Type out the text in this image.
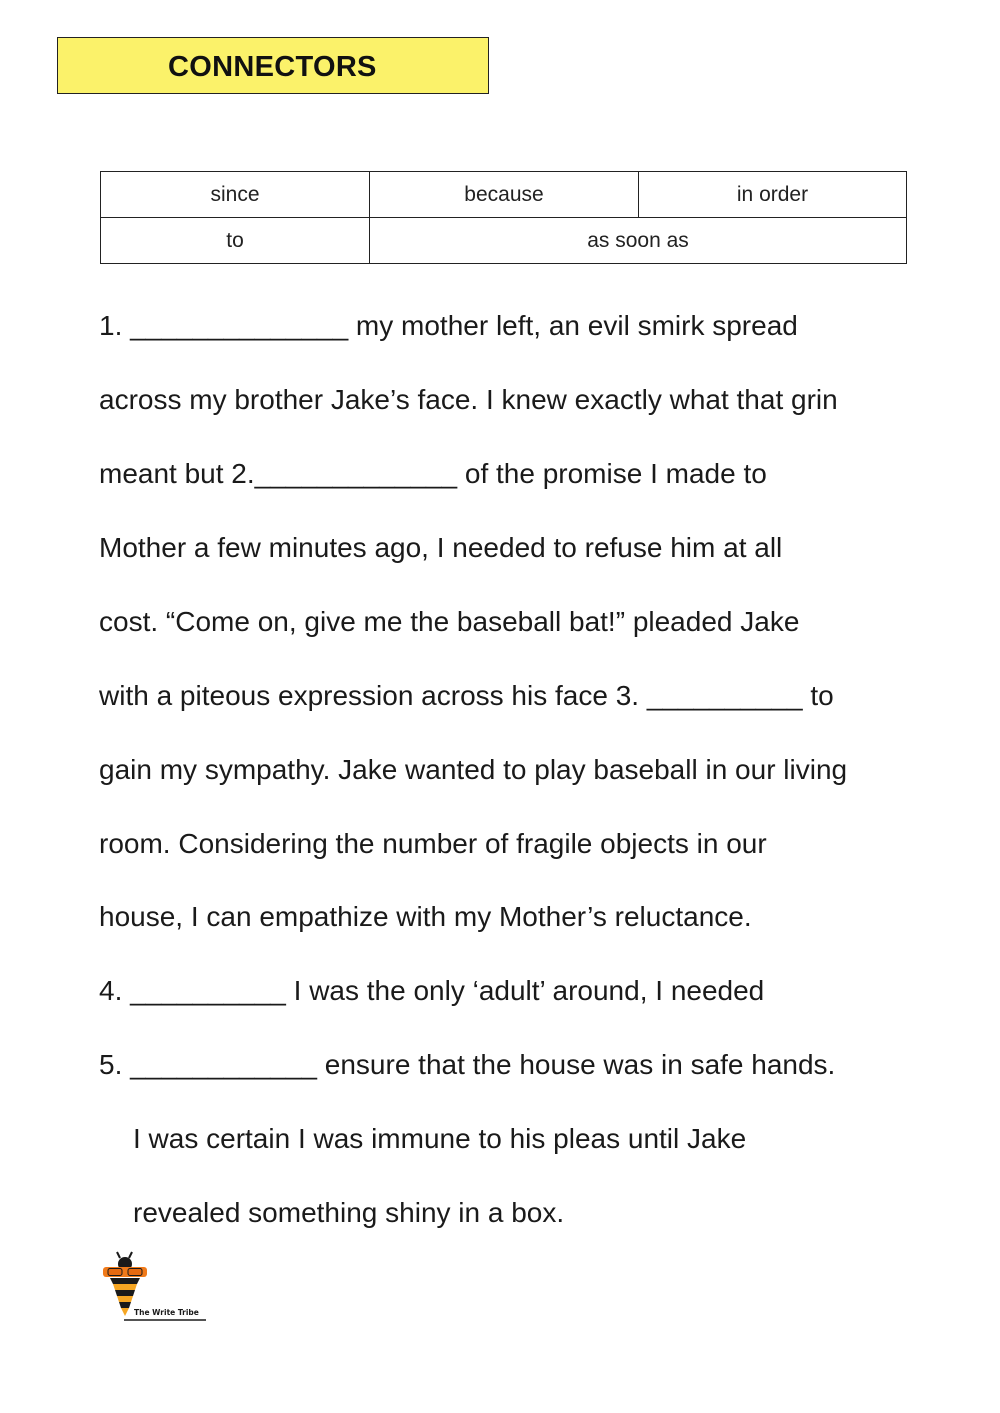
CONNECTORS
since	because	in order
to	as soon as	
1. ______________ my mother left, an evil smirk spread
across my brother Jake’s face. I knew exactly what that grin
meant but 2._____________ of the promise I made to
Mother a few minutes ago, I needed to refuse him at all
cost. “Come on, give me the baseball bat!” pleaded Jake
with a piteous expression across his face 3. __________ to
gain my sympathy. Jake wanted to play baseball in our living
room. Considering the number of fragile objects in our
house, I can empathize with my Mother’s reluctance.
4. __________ I was the only ‘adult’ around, I needed
5. ____________ ensure that the house was in safe hands.
I was certain I was immune to his pleas until Jake
revealed something shiny in a box.
The Write Tribe
